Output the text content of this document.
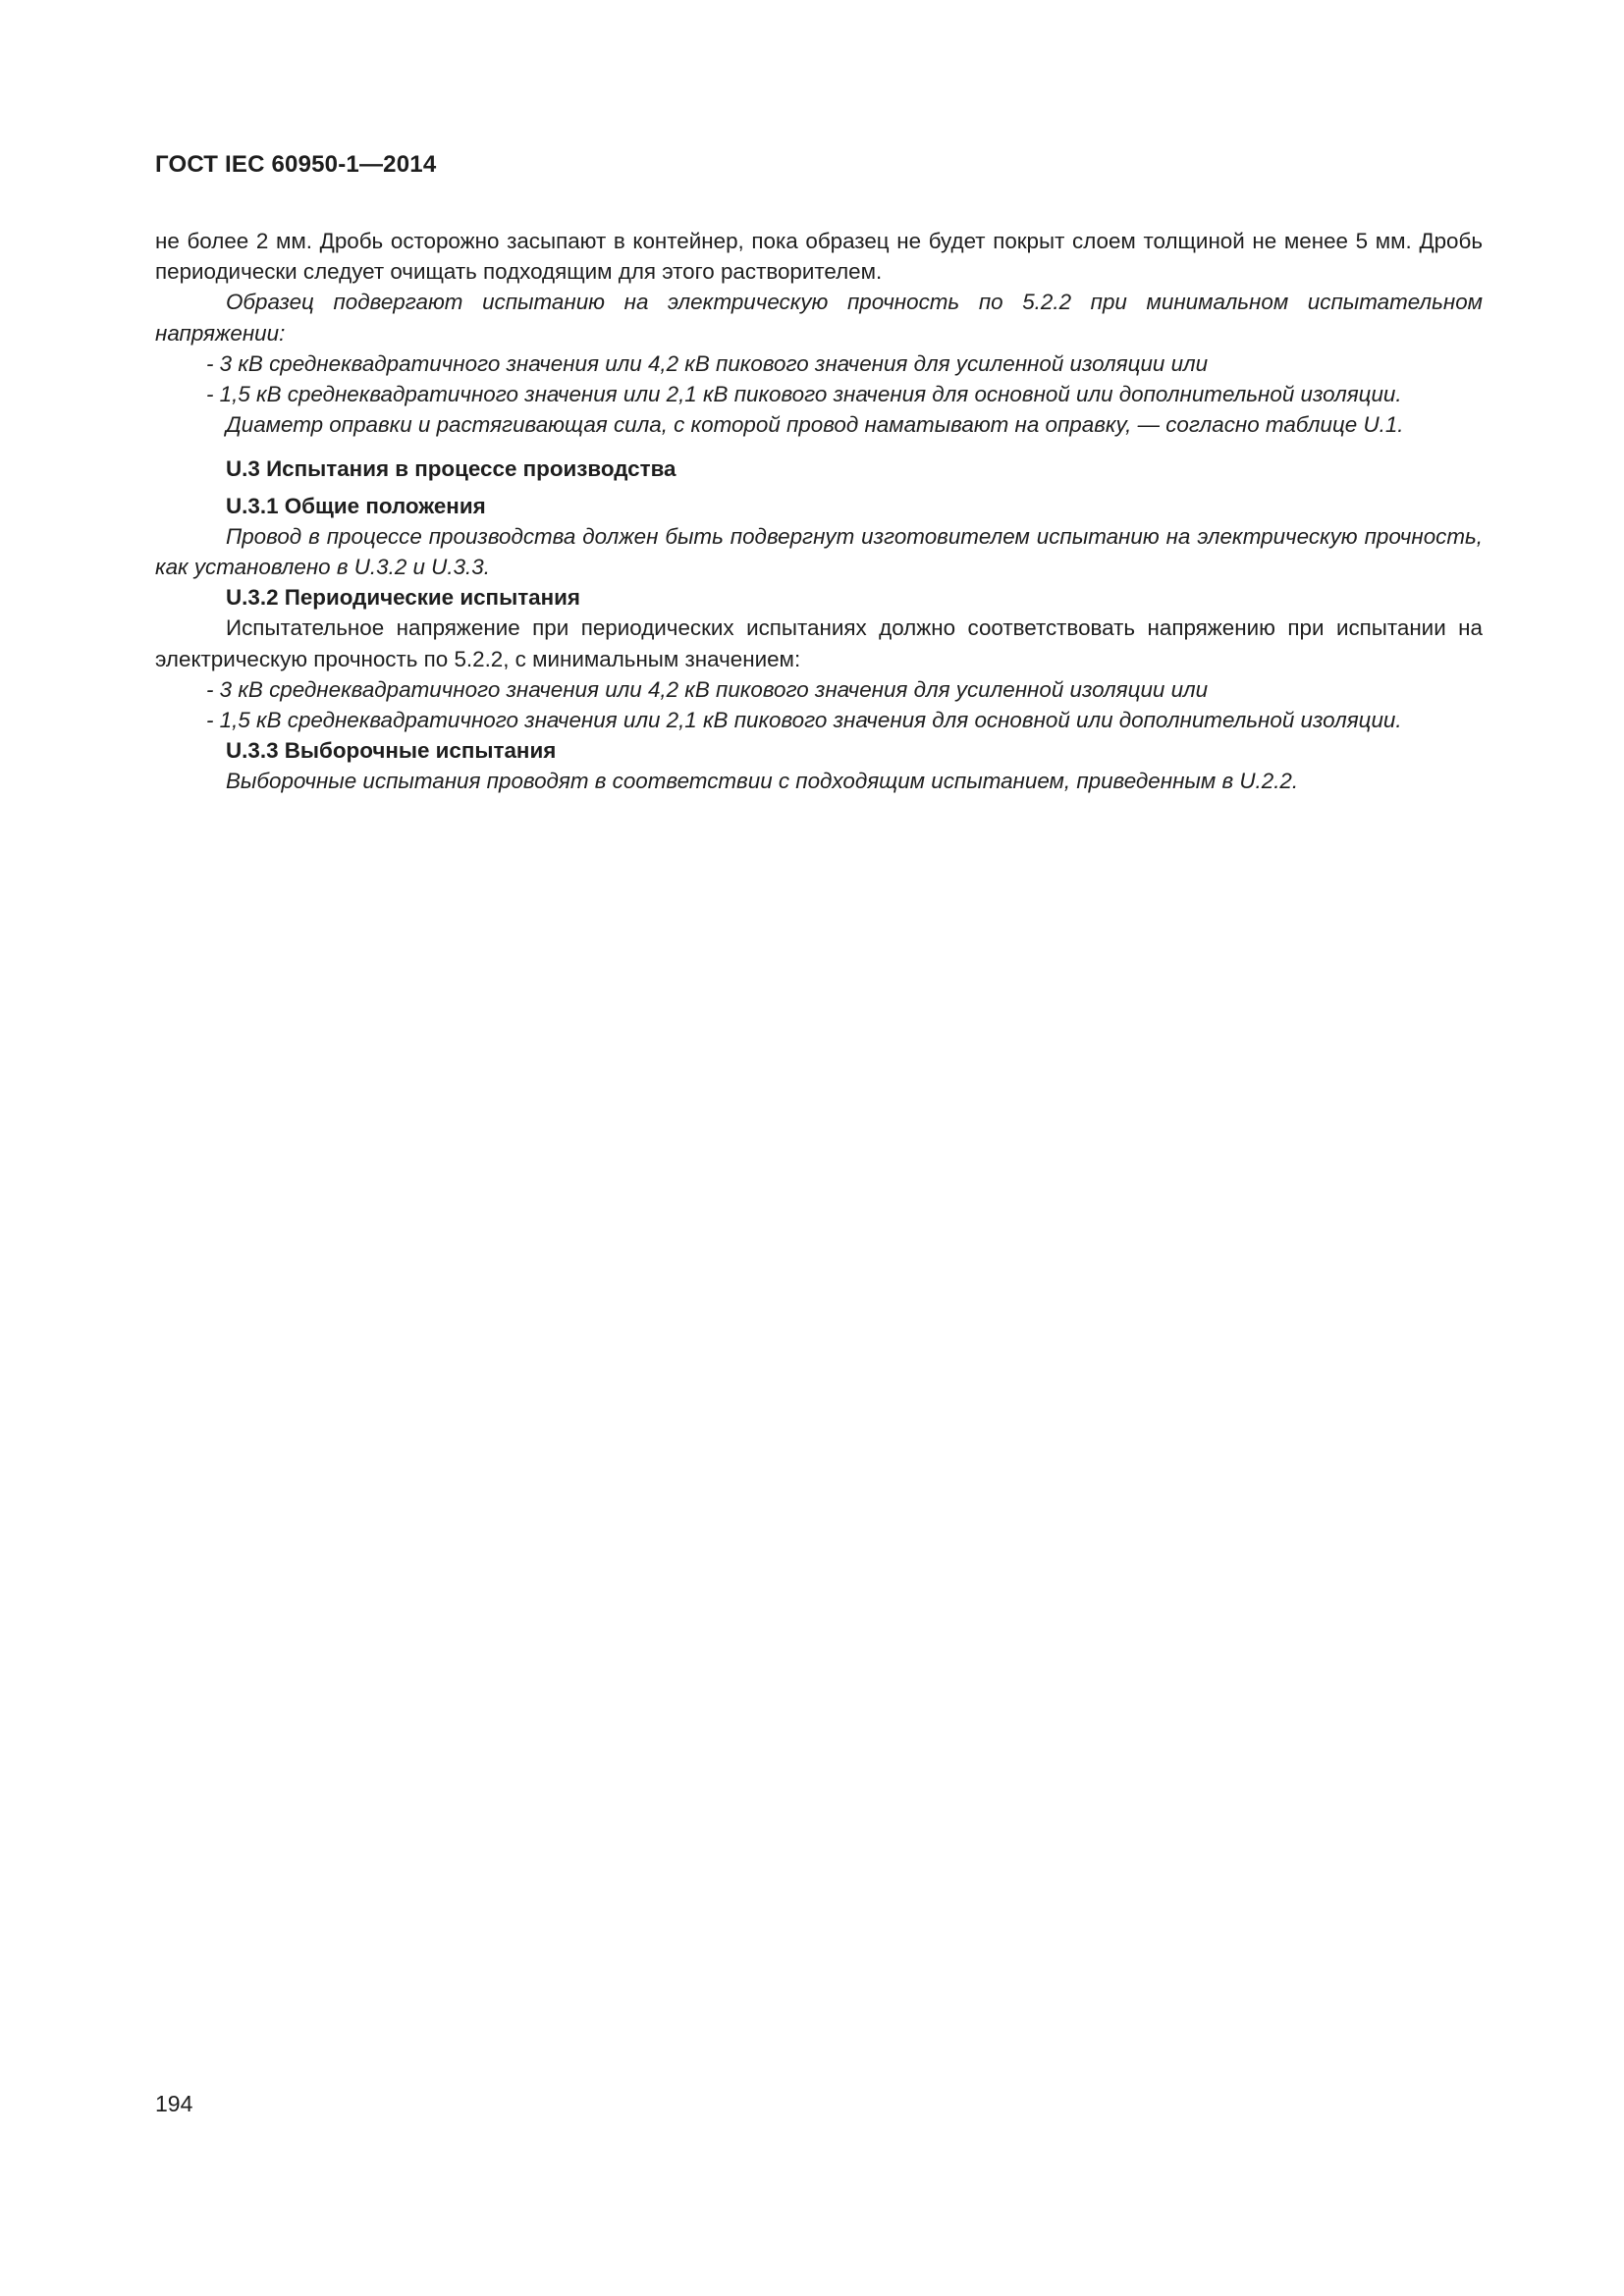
ГОСТ IEC 60950-1—2014

не более 2 мм. Дробь осторожно засыпают в контейнер, пока образец не будет покрыт слоем толщиной не менее 5 мм. Дробь периодически следует очищать подходящим для этого растворителем.

Образец подвергают испытанию на электрическую прочность по 5.2.2 при минимальном испытательном напряжении:

- 3 кВ среднеквадратичного значения или 4,2 кВ пикового значения для усиленной изоляции или

- 1,5 кВ среднеквадратичного значения или 2,1 кВ пикового значения для основной или дополнительной изоляции.

Диаметр оправки и растягивающая сила, с которой провод наматывают на оправку, — согласно таблице U.1.

U.3 Испытания в процессе производства
U.3.1 Общие положения

Провод в процессе производства должен быть подвергнут изготовителем испытанию на электрическую прочность, как установлено в U.3.2 и U.3.3.

U.3.2 Периодические испытания

Испытательное напряжение при периодических испытаниях должно соответствовать напряжению при испытании на электрическую прочность по 5.2.2, с минимальным значением:

- 3 кВ среднеквадратичного значения или 4,2 кВ пикового значения для усиленной изоляции или

- 1,5 кВ среднеквадратичного значения или 2,1 кВ пикового значения для основной или дополнительной изоляции.

U.3.3 Выборочные испытания

Выборочные испытания проводят в соответствии с подходящим испытанием, приведенным в U.2.2.

194
